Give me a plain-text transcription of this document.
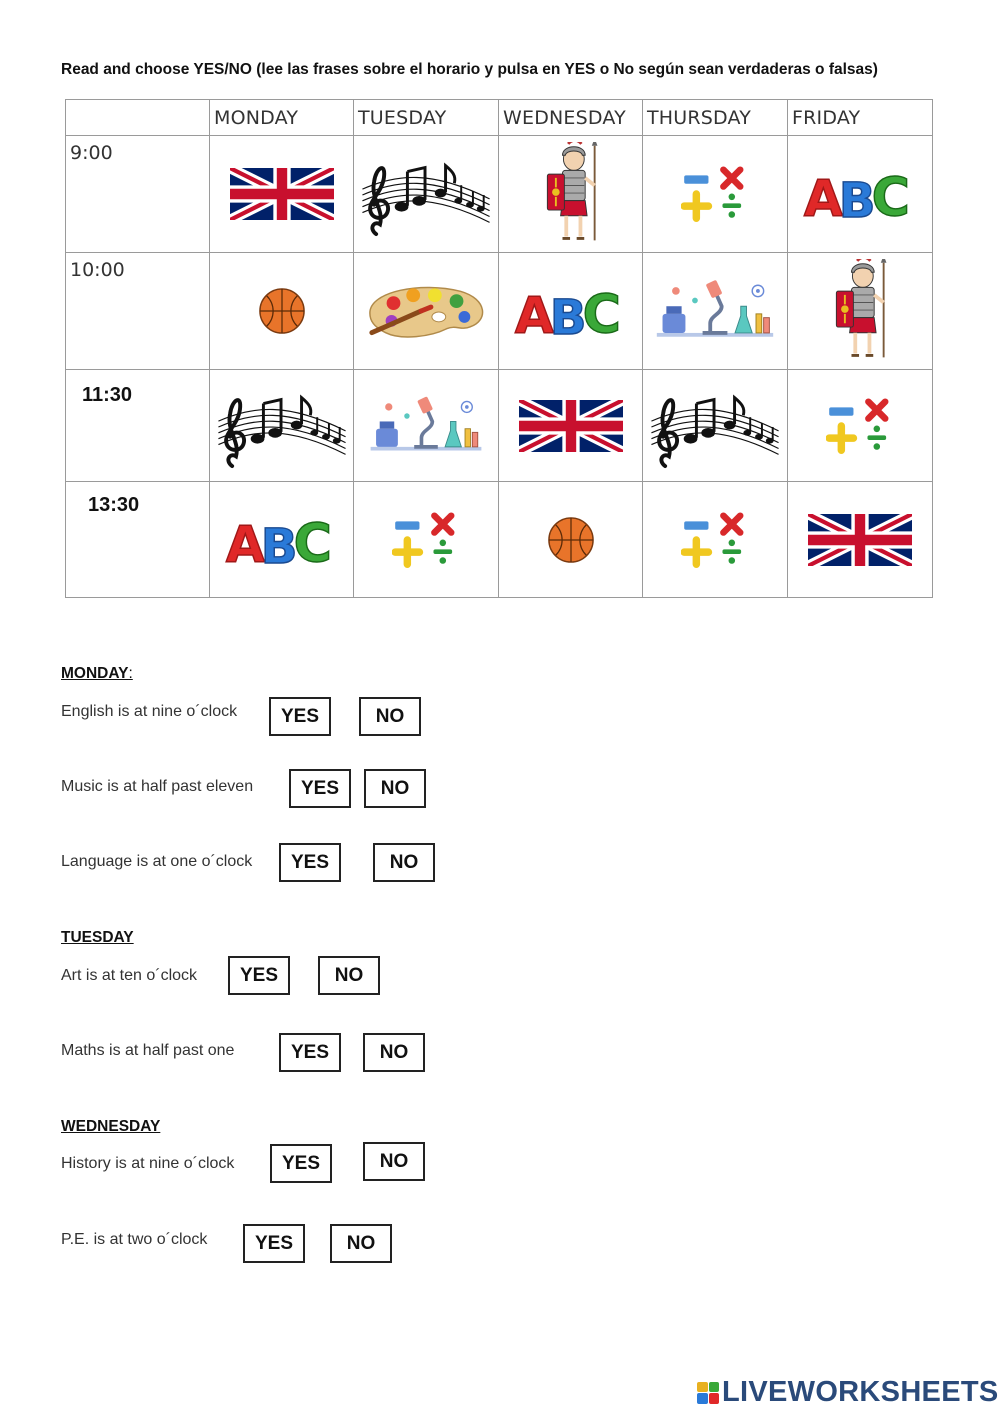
Read and choose YES/NO (lee las frases sobre el horario y pulsa en YES o No según sean verdaderas o falsas)
	MONDAY	TUESDAY	WEDNESDAY	THURSDAY	FRIDAY

9:00

10:00

11:30

13:30

MONDAY:
English is at nine o´clock	YES	NO
Music is at half past eleven	YES	NO
Language is at one o´clock	YES	NO
TUESDAY
Art is at ten o´clock	YES	NO
Maths is at half past one	YES	NO
WEDNESDAY
History is at nine o´clock	YES	NO
P.E. is at two o´clock	YES	NO
LIVEWORKSHEETS
